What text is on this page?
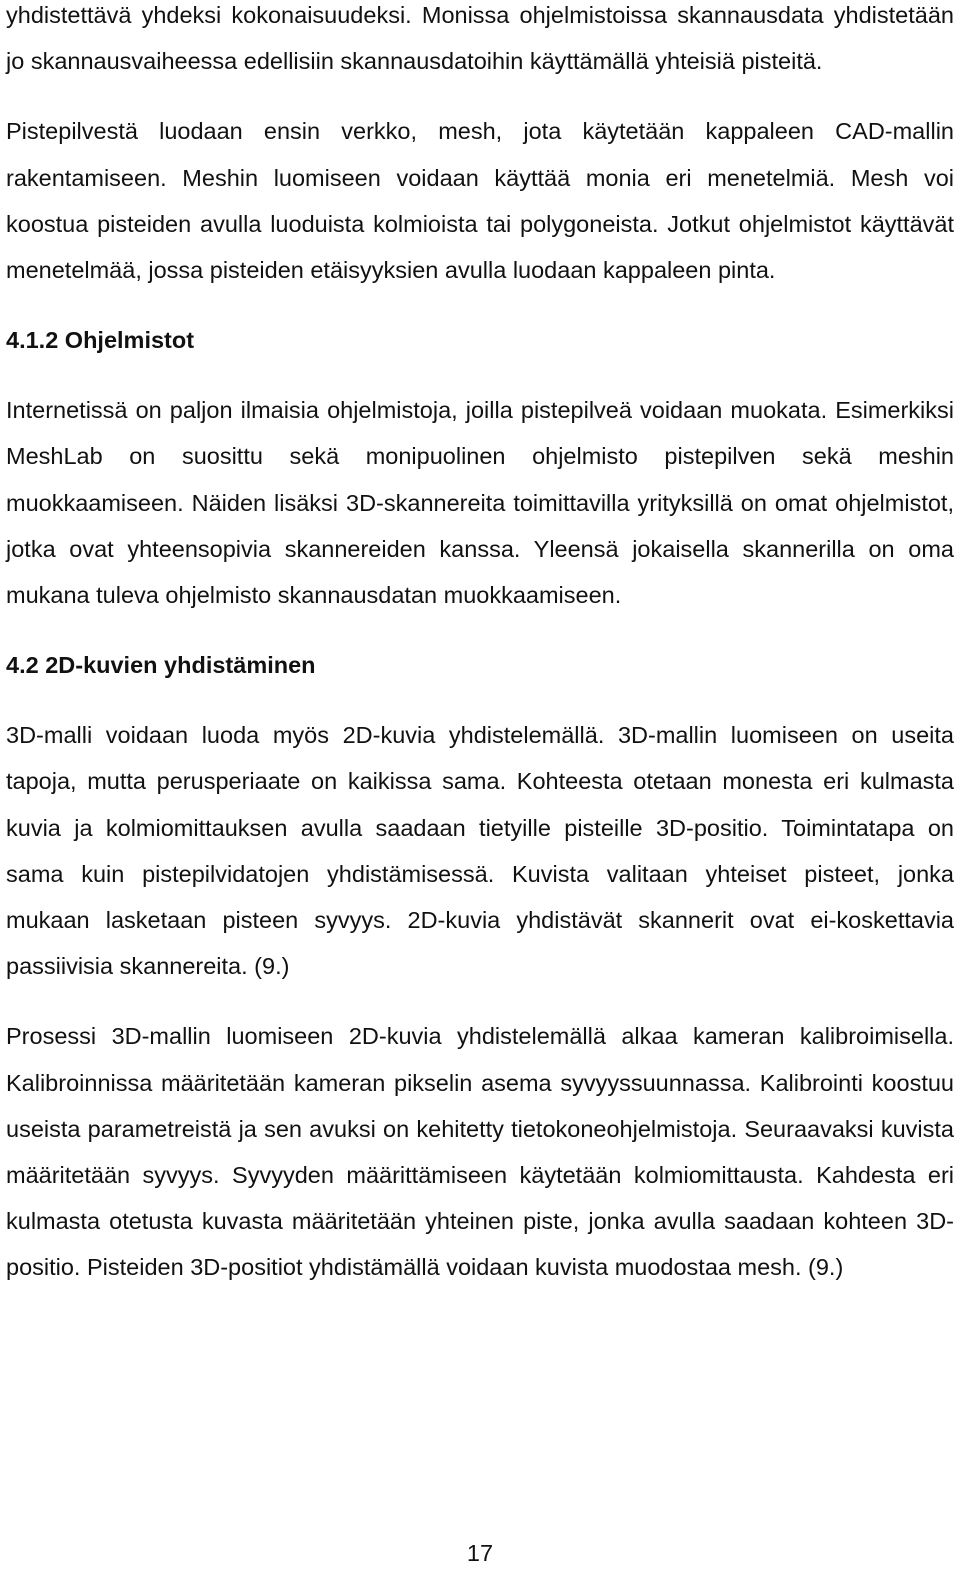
yhdistettävä yhdeksi kokonaisuudeksi. Monissa ohjelmistoissa skannausdata yhdistetään jo skannausvaiheessa edellisiin skannausdatoihin käyttämällä yhteisiä pisteitä.

Pistepilvestä luodaan ensin verkko, mesh, jota käytetään kappaleen CAD-mallin rakentamiseen. Meshin luomiseen voidaan käyttää monia eri menetelmiä. Mesh voi koostua pisteiden avulla luoduista kolmioista tai polygoneista. Jotkut ohjelmistot käyttävät menetelmää, jossa pisteiden etäisyyksien avulla luodaan kappaleen pinta.

4.1.2 Ohjelmistot

Internetissä on paljon ilmaisia ohjelmistoja, joilla pistepilveä voidaan muokata. Esimerkiksi MeshLab on suosittu sekä monipuolinen ohjelmisto pistepilven sekä meshin muokkaamiseen. Näiden lisäksi 3D-skannereita toimittavilla yrityksillä on omat ohjelmistot, jotka ovat yhteensopivia skannereiden kanssa. Yleensä jokaisella skannerilla on oma mukana tuleva ohjelmisto skannausdatan muokkaamiseen.

4.2 2D-kuvien yhdistäminen

3D-malli voidaan luoda myös 2D-kuvia yhdistelemällä. 3D-mallin luomiseen on useita tapoja, mutta perusperiaate on kaikissa sama. Kohteesta otetaan monesta eri kulmasta kuvia ja kolmiomittauksen avulla saadaan tietyille pisteille 3D-positio. Toimintatapa on sama kuin pistepilvidatojen yhdistämisessä. Kuvista valitaan yhteiset pisteet, jonka mukaan lasketaan pisteen syvyys. 2D-kuvia yhdistävät skannerit ovat ei-koskettavia passiivisia skannereita. (9.)

Prosessi 3D-mallin luomiseen 2D-kuvia yhdistelemällä alkaa kameran kalibroimisella. Kalibroinnissa määritetään kameran pikselin asema syvyyssuunnassa. Kalibrointi koostuu useista parametreistä ja sen avuksi on kehitetty tietokoneohjelmistoja. Seuraavaksi kuvista määritetään syvyys. Syvyyden määrittämiseen käytetään kolmiomittausta. Kahdesta eri kulmasta otetusta kuvasta määritetään yhteinen piste, jonka avulla saadaan kohteen 3D-positio. Pisteiden 3D-positiot yhdistämällä voidaan kuvista muodostaa mesh. (9.)

17
